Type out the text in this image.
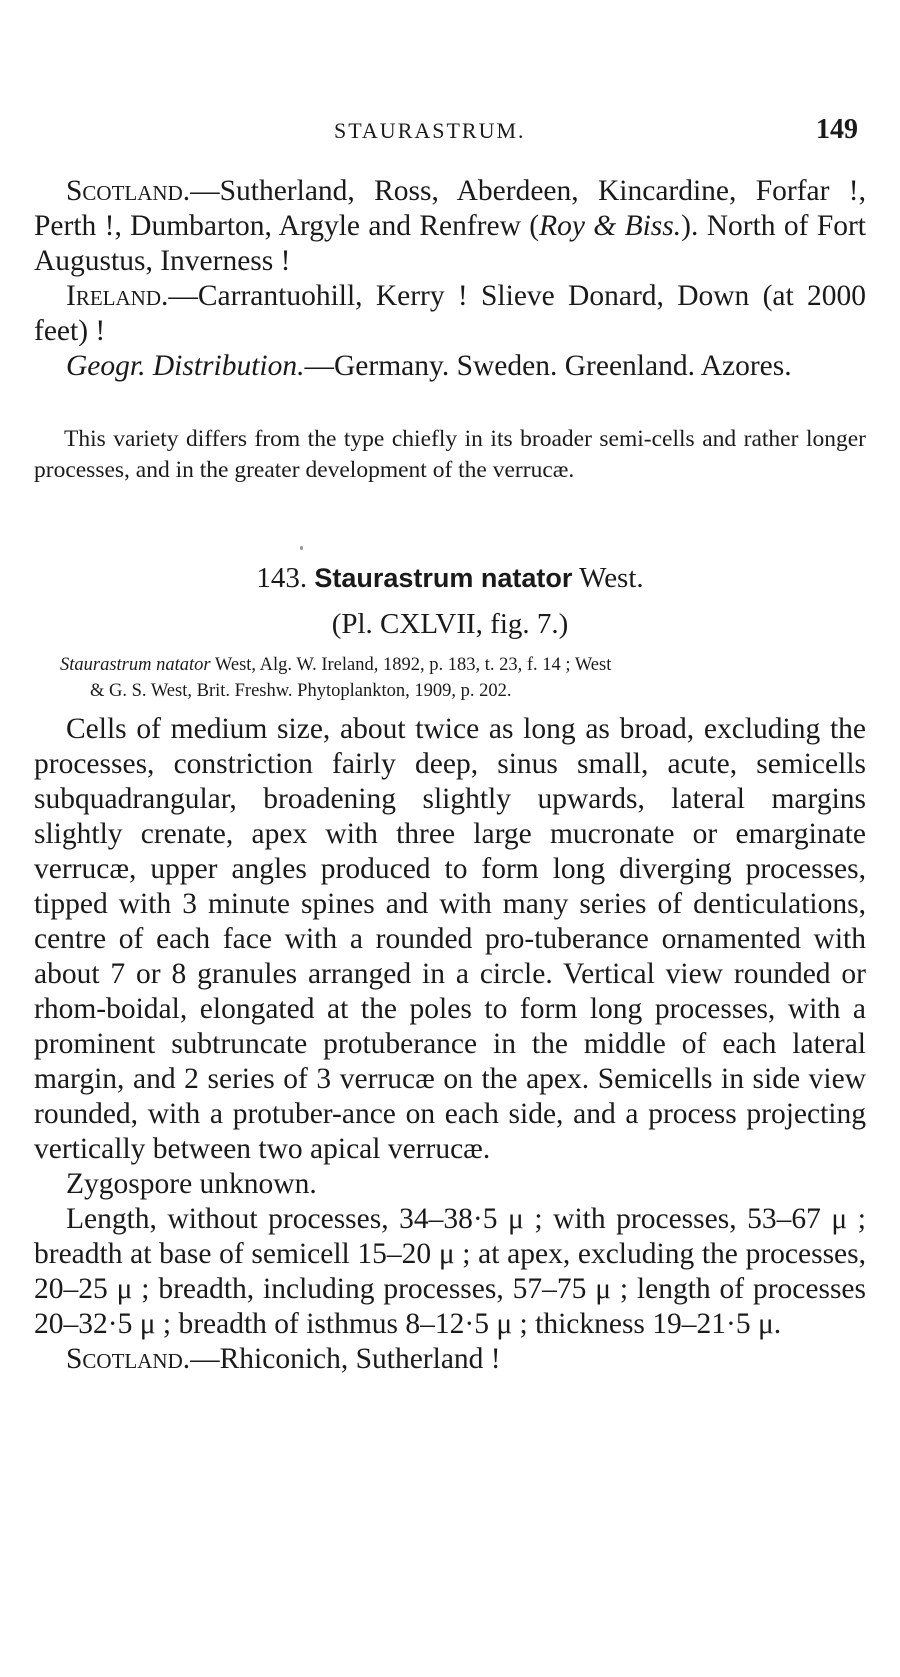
STAURASTRUM.	149

Scotland.—Sutherland, Ross, Aberdeen, Kincardine, Forfar !, Perth !, Dumbarton, Argyle and Renfrew (Roy & Biss.). North of Fort Augustus, Inverness !

Ireland.—Carrantuohill, Kerry ! Slieve Donard, Down (at 2000 feet) !

Geogr. Distribution.—Germany. Sweden. Greenland. Azores.

This variety differs from the type chiefly in its broader semi-cells and rather longer processes, and in the greater development of the verrucæ.

143. Staurastrum natator West.
(Pl. CXLVII, fig. 7.)

Staurastrum natator West, Alg. W. Ireland, 1892, p. 183, t. 23, f. 14 ; West

& G. S. West, Brit. Freshw. Phytoplankton, 1909, p. 202.

Cells of medium size, about twice as long as broad, excluding the processes, constriction fairly deep, sinus small, acute, semicells subquadrangular, broadening slightly upwards, lateral margins slightly crenate, apex with three large mucronate or emarginate verrucæ, upper angles produced to form long diverging processes, tipped with 3 minute spines and with many series of denticulations, centre of each face with a rounded pro-tuberance ornamented with about 7 or 8 granules arranged in a circle. Vertical view rounded or rhom-boidal, elongated at the poles to form long processes, with a prominent subtruncate protuberance in the middle of each lateral margin, and 2 series of 3 verrucæ on the apex. Semicells in side view rounded, with a protuber-ance on each side, and a process projecting vertically between two apical verrucæ.

Zygospore unknown.

Length, without processes, 34–38·5 μ ; with processes, 53–67 μ ; breadth at base of semicell 15–20 μ ; at apex, excluding the processes, 20–25 μ ; breadth, including processes, 57–75 μ ; length of processes 20–32·5 μ ; breadth of isthmus 8–12·5 μ ; thickness 19–21·5 μ.

Scotland.—Rhiconich, Sutherland !
